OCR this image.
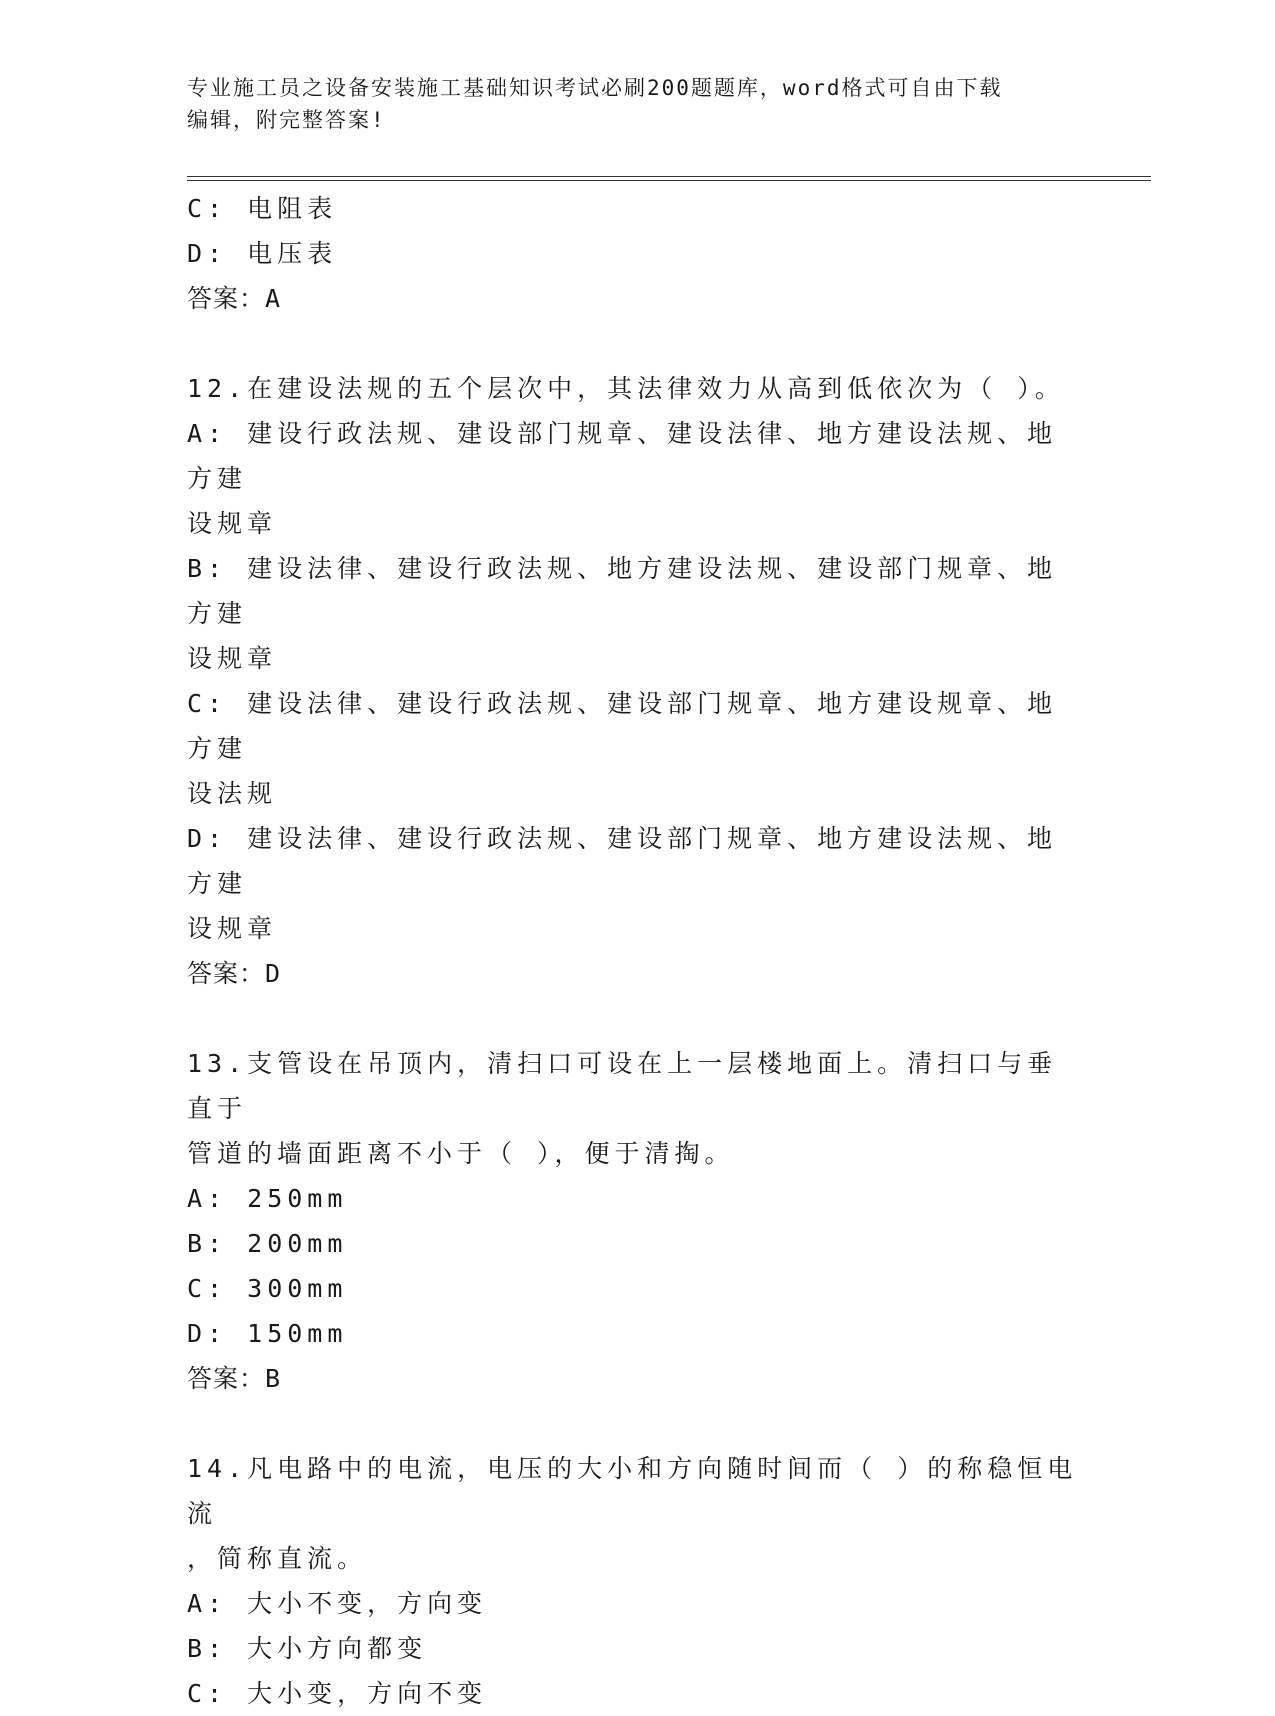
专业施工员之设备安装施工基础知识考试必刷200题题库，word格式可自由下载
编辑，附完整答案!
C: 电阻表
D: 电压表
答案：A
12.在建设法规的五个层次中，其法律效力从高到低依次为（ ）。
A: 建设行政法规、建设部门规章、建设法律、地方建设法规、地方建
设规章
B: 建设法律、建设行政法规、地方建设法规、建设部门规章、地方建
设规章
C: 建设法律、建设行政法规、建设部门规章、地方建设规章、地方建
设法规
D: 建设法律、建设行政法规、建设部门规章、地方建设法规、地方建
设规章
答案：D
13.支管设在吊顶内，清扫口可设在上一层楼地面上。清扫口与垂直于
管道的墙面距离不小于（ ），便于清掏。
A: 250mm
B: 200mm
C: 300mm
D: 150mm
答案：B
14.凡电路中的电流，电压的大小和方向随时间而（ ）的称稳恒电流
，简称直流。
A: 大小不变，方向变
B: 大小方向都变
C: 大小变，方向不变
